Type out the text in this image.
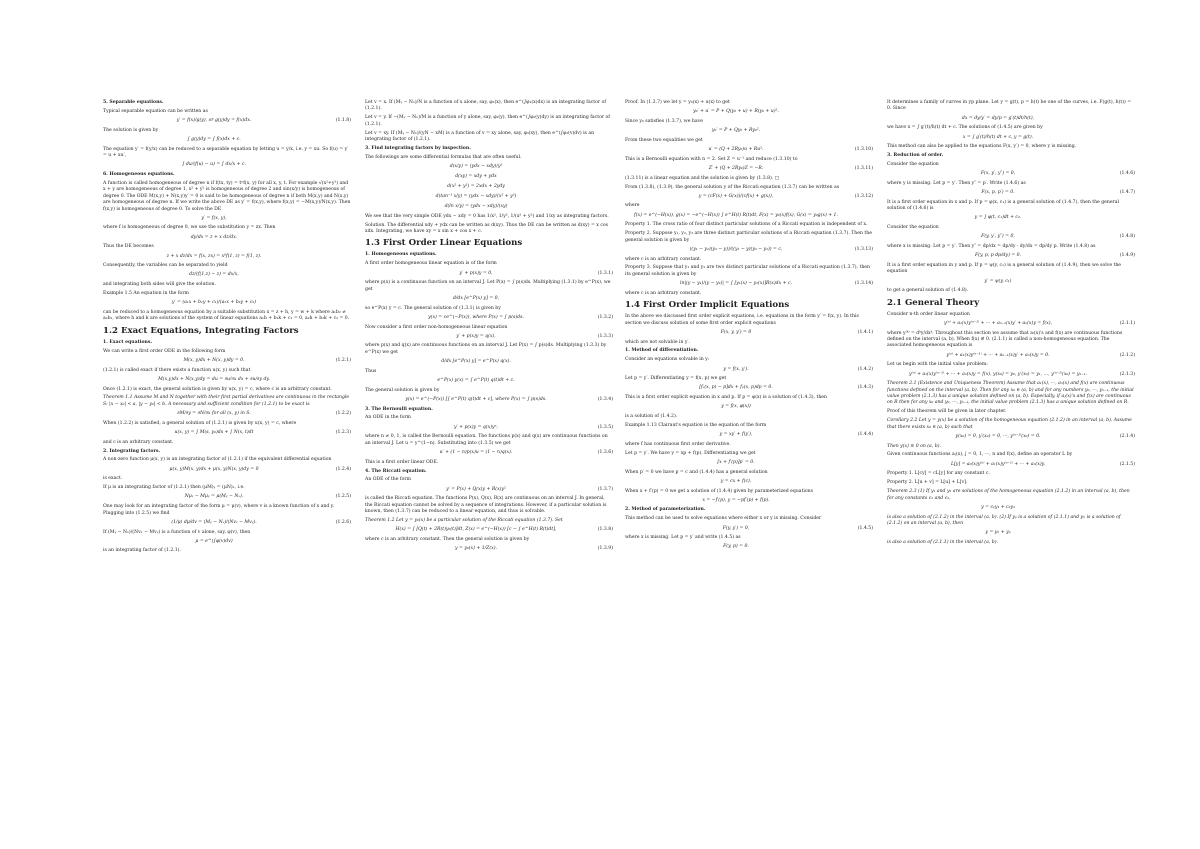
5. Separable equations.
Typical separable equation can be written as
y′ = f(x)/g(y), or g(y)dy = f(x)dx.	(1.1.8)
The solution is given by
∫ g(y)dy = ∫ f(x)dx + c.
The equation y′ = f(y/x) can be reduced to a separable equation by letting u = y/x, i.e. y = xu. So f(u) = y′ = u + xu′,
∫ du/(f(u) − u) = ∫ dx/x + c.
6. Homogeneous equations.
A function is called homogeneous of degree n if f(tx, ty) = tⁿf(x, y) for all x, y, t. For example √(x²+y²) and x + y are homogeneous of degree 1, x² + y² is homogeneous of degree 2 and sin(x/y) is homogeneous of degree 0. The ODE M(x,y) + N(x,y)y′ = 0 is said to be homogeneous of degree n if both M(x,y) and N(x,y) are homogeneous of degree n. If we write the above DE as y′ = f(x,y), where f(x,y) = −M(x,y)/N(x,y). Then f(x,y) is homogeneous of degree 0. To solve the DE
y′ = f(x, y),
where f is homogeneous of degree 0, we use the substitution y = zx. Then
dy/dx = z + x dz/dx.
Thus the DE becomes
z + x dz/dx = f(x, zx) = x⁰f(1, z) = f(1, z).
Consequently, the variables can be separated to yield
dz/(f(1,z) − z) = dx/x,
and integrating both sides will give the solution.
Example 1.5 An equation in the form
y′ = (a₁x + b₁y + c₁)/(a₂x + b₂y + c₂)
can be reduced to a homogeneous equation by a suitable substitution x = z + h, y = w + k where a₁b₂ ≠ a₂b₁, where h and k are solutions of the system of linear equations a₁h + b₁k + c₁ = 0, a₂h + b₂k + c₂ = 0.
1.2 Exact Equations, Integrating Factors
1. Exact equations.
We can write a first order ODE in the following form
M(x, y)dx + N(x, y)dy = 0.	(1.2.1)
(1.2.1) is called exact if there exists a function u(x, y) such that
M(x,y)dx + N(x,y)dy = du = ∂u/∂x dx + ∂u/∂y dy.
Once (1.2.1) is exact, the general solution is given by u(x, y) = c, where c is an arbitrary constant.
Theorem 1.1 Assume M and N together with their first partial derivatives are continuous in the rectangle S: |x − x₀| < a, |y − y₀| < b. A necessary and sufficient condition for (1.2.1) to be exact is
∂M/∂y = ∂N/∂x for all (x, y) in S.	(1.2.2)
When (1.2.2) is satisfied, a general solution of (1.2.1) is given by u(x, y) = c, where
u(x, y) = ∫ M(s, y₀)ds + ∫ N(x, t)dt	(1.2.3)
and c is an arbitrary constant.
2. Integrating factors.
A non-zero function μ(x, y) is an integrating factor of (1.2.1) if the equivalent differential equation
μ(x, y)M(x, y)dx + μ(x, y)N(x, y)dy = 0	(1.2.4)
is exact.
If μ is an integrating factor of (1.2.1) then (μM)ᵧ = (μN)ₓ, i.e.
Nμₓ − Mμᵧ = μ(Mᵧ − Nₓ).	(1.2.5)
One may look for an integrating factor of the form μ = μ(v), where v is a known function of x and y. Plugging into (1.2.5) we find
(1/μ) dμ/dv = (Mᵧ − Nₓ)/(Nvₓ − Mvᵧ).	(1.2.6)
If (Mᵧ − Nₓ)/(Nvₓ − Mvᵧ) is a function of v alone, say, φ(v), then
μ = e^(∫φ(v)dv)
is an integrating factor of (1.2.1).
Let v = x. If (Mᵧ − Nₓ)/N is a function of x alone, say, φ₁(x), then e^(∫φ₁(x)dx) is an integrating factor of (1.2.1).
Let v = y. If −(Mᵧ − Nₓ)/M is a function of y alone, say, φ₂(y), then e^(∫φ₂(y)dy) is an integrating factor of (1.2.1).
Let v = xy. If (Mᵧ − Nₓ)/(yN − xM) is a function of v = xy alone, say, φ₃(xy), then e^(∫φ₃(v)dv) is an integrating factor of (1.2.1).
3. Find integrating factors by inspection.
The followings are some differential formulas that are often useful.
d(x/y) = (ydx − xdy)/y²
d(xy) = xdy + ydx
d(x² + y²) = 2xdx + 2ydy
d(tan⁻¹ x/y) = (ydx − xdy)/(x² + y²)
d(ln x/y) = (ydx − xdy)/(xy)
We see that the very simple ODE ydx − xdy = 0 has 1/x², 1/y², 1/(x² + y²) and 1/xy as integrating factors.
Solution. The differential xdy + ydx can be written as d(xy). Thus the DE can be written as d(xy) = x cos xdx. Integrating, we have xy = x sin x + cos x + c.
1.3 First Order Linear Equations
1. Homogeneous equations.
A first order homogeneous linear equation is of the form
y′ + p(x)y = 0,	(1.3.1)
where p(x) is a continuous function on an interval J. Let P(x) = ∫ p(s)ds. Multiplying (1.3.1) by e^P(x), we get
d/dx [e^P(x) y] = 0,
so e^P(x) y = c. The general solution of (1.3.1) is given by
y(x) = ce^(−P(x)), where P(x) = ∫ p(s)ds.	(1.3.2)
Now consider a first order non-homogeneous linear equation
y′ + p(x)y = q(x),	(1.3.3)
where p(x) and q(x) are continuous functions on an interval J. Let P(x) = ∫ p(s)ds. Multiplying (1.3.3) by e^P(x) we get
d/dx [e^P(x) y] = e^P(x) q(x).
Thus
e^P(x) y(x) = ∫ e^P(t) q(t)dt + c.
The general solution is given by
y(x) = e^(−P(x)) [∫ e^P(t) q(t)dt + c], where P(x) = ∫ p(s)ds.	(1.3.4)
3. The Bernoulli equation.
An ODE in the form
y′ + p(x)y = q(x)yⁿ,	(1.3.5)
where n ≠ 0, 1, is called the Bernoulli equation. The functions p(x) and q(x) are continuous functions on an interval J. Let u = y^(1−n). Substituting into (1.3.5) we get
u′ + (1 − n)p(x)u = (1 − n)q(x).	(1.3.6)
This is a first order linear ODE.
4. The Riccati equation.
An ODE of the form
y′ = P(x) + Q(x)y + R(x)y²	(1.3.7)
is called the Riccati equation. The functions P(x), Q(x), R(x) are continuous on an interval J. In general, the Riccati equation cannot be solved by a sequence of integrations. However, if a particular solution is known, then (1.3.7) can be reduced to a linear equation, and thus is solvable.
Theorem 1.2 Let y = y₀(x) be a particular solution of the Riccati equation (1.3.7). Set
H(x) = ∫ [Q(t) + 2R(t)y₀(t)]dt, Z(x) = e^(−H(x)) [c − ∫ e^H(t) R(t)dt],	(1.3.8)
where c is an arbitrary constant. Then the general solution is given by
y = y₀(x) + 1/Z(x).	(1.3.9)
Proof. In (1.3.7) we let y = y₀(x) + u(x) to get
y₀′ + u′ = P + Q(y₀ + u) + R(y₀ + u)².
Since y₀ satisfies (1.3.7), we have
y₀′ = P + Qy₀ + Ry₀².
From these two equalities we get
u′ = (Q + 2Ry₀)u + Ru².	(1.3.10)
This is a Bernoulli equation with n = 2. Set Z = u⁻¹ and reduce (1.3.10) to
Z′ + (Q + 2Ry₀)Z = −R.	(1.3.11)
(1.3.11) is a linear equation and the solution is given by (1.3.8). □
From (1.3.8), (1.3.9), the general solution y of the Riccati equation (1.3.7) can be written as
y = (cF(x) + G(x))/(cf(x) + g(x)),	(1.3.12)
where
f(x) = e^(−H(x)), g(x) = −e^(−H(x)) ∫ e^H(t) R(t)dt, F(x) = y₀(x)f(x), G(x) = y₀g(x) + 1.
Property 1. The cross ratio of four distinct particular solutions of a Riccati equation is independent of x.
Property 2. Suppose y₁, y₂, y₃ are three distinct particular solutions of a Riccati equation (1.3.7). Then the general solution is given by
((y₁ − y₂)(y₃ − y))/((y₁ − y)(y₃ − y₂)) = c,	(1.3.13)
where c is an arbitrary constant.
Property 3. Suppose that y₁ and y₂ are two distinct particular solutions of a Riccati equation (1.3.7), then its general solution is given by
ln|(y − y₁)/(y − y₂)| = ∫ [y₁(x) − y₂(x)]R(x)dx + c,	(1.3.14)
where c is an arbitrary constant.
1.4 First Order Implicit Equations
In the above we discussed first order explicit equations, i.e. equations in the form y′ = f(x, y). In this section we discuss solution of some first order explicit equations
F(x, y, y′) = 0	(1.4.1)
which are not solvable in y′.
1. Method of differentiation.
Consider an equations solvable in y:
y = f(x, y′).	(1.4.2)
Let p = y′. Differentiating y = f(x, p) we get
[fₓ(x, p) − p]dx + fₚ(x, p)dp = 0.	(1.4.3)
This is a first order explicit equation in x and p. If p = φ(x) is a solution of (1.4.3), then
y = f(x, φ(x))
is a solution of (1.4.2).
Example 1.13 Clairaut's equation is the equation of the form
y = xy′ + f(y′),	(1.4.4)
where f has continuous first order derivative.
Let p = y′. We have y = xp + f(p). Differentiating we get
[x + f′(p)]p′ = 0.
When p′ = 0 we have p = c and (1.4.4) has a general solution
y = cx + f(c).
When x + f′(p) = 0 we get a solution of (1.4.4) given by parameterized equations
x = −f′(p), y = −pf′(p) + f(p).
2. Method of parameterization.
This method can be used to solve equations where either x or y is missing. Consider
F(y, y′) = 0,	(1.4.5)
where x is missing. Let p = y′ and write (1.4.5) as
F(y, p) = 0.
It determines a family of curves in yp plane. Let y = g(t), p = h(t) be one of the curves, i.e. F(g(t), h(t)) = 0. Since
dx = dy/y′ = dy/p = g′(t)dt/h(t),
we have x = ∫ g′(t)/h(t) dt + c. The solutions of (1.4.5) are given by
x = ∫ g′(t)/h(t) dt + c, y = g(t).
This method can also be applied to the equations F(x, y′) = 0, where y is missing.
3. Reduction of order.
Consider the equation
F(x, y′, y″) = 0,	(1.4.6)
where y is missing. Let p = y′. Then y″ = p′. Write (1.4.6) as
F(x, p, p′) = 0.	(1.4.7)
It is a first order equation in x and p. If p = φ(x, c₁) is a general solution of (1.4.7), then the general solution of (1.4.6) is
y = ∫ φ(t, c₁)dt + c₂.
Consider the equation
F(y, y′, y″) = 0,	(1.4.8)
where x is missing. Let p = y′. Then y″ = dp/dx = dp/dy · dy/dx = dp/dy p. Write (1.4.8) as
F(y, p, p dp/dy) = 0.	(1.4.9)
It is a first order equation in y and p. If p = ψ(y, c₁) is a general solution of (1.4.9), then we solve the equation
y′ = ψ(y, c₁)
to get a general solution of (1.4.8).
2.1 General Theory
Consider n-th order linear equation
y⁽ⁿ⁾ + a₁(x)y⁽ⁿ⁻¹⁾ + ··· + aₙ₋₁(x)y′ + aₙ(x)y = f(x),	(2.1.1)
where y⁽ᵏ⁾ = dᵏy/dxᵏ. Throughout this section we assume that aᵢ(x)'s and f(x) are continuous functions defined on the interval (a, b). When f(x) ≢ 0, (2.1.1) is called a non-homogeneous equation. The associated homogeneous equation is
y⁽ⁿ⁾ + a₁(x)y⁽ⁿ⁻¹⁾ + ··· + aₙ₋₁(x)y′ + aₙ(x)y = 0.	(2.1.2)
Let us begin with the initial value problem:
y⁽ⁿ⁾ + a₁(x)y⁽ⁿ⁻¹⁾ + ··· + aₙ(x)y = f(x), y(x₀) = y₀, y′(x₀) = y₁, …, y⁽ⁿ⁻¹⁾(x₀) = yₙ₋₁.	(2.1.3)
Theorem 2.1 (Existence and Uniqueness Theorem) Assume that a₁(x), ···, aₙ(x) and f(x) are continuous functions defined on the interval (a, b). Then for any x₀ ∈ (a, b) and for any numbers y₀, ···, yₙ₋₁, the initial value problem (2.1.3) has a unique solution defined on (a, b). Especially, if aⱼ(x)'s and f(x) are continuous on R then for any x₀ and y₀, ···, yₙ₋₁, the initial value problem (2.1.3) has a unique solution defined on R.
Proof of this theorem will be given in later chapter.
Corollary 2.2 Let y = y(x) be a solution of the homogeneous equation (2.1.2) in an interval (a, b). Assume that there exists x₀ ∈ (a, b) such that
y(x₀) = 0, y′(x₀) = 0, ···, y⁽ⁿ⁻¹⁾(x₀) = 0.	(2.1.4)
Then y(x) ≡ 0 on (a, b).
Given continuous functions aⱼ(x), j = 0, 1, ···, n and f(x), define an operator L by
L[y] = a₀(x)y⁽ⁿ⁾ + a₁(x)y⁽ⁿ⁻¹⁾ + ··· + aₙ(x)y.	(2.1.5)
Property 1. L[cy] = cL[y] for any constant c.
Property 2. L[u + v] = L[u] + L[v].
Theorem 2.3 (1) If y₁ and y₂ are solutions of the homogeneous equation (2.1.2) in an interval (a, b), then for any constants c₁ and c₂,
y = c₁y₁ + c₂y₂
is also a solution of (2.1.2) in the interval (a, b). (2) If yₚ is a solution of (2.1.1) and yₕ is a solution of (2.1.2) on an interval (a, b), then
y = yₕ + yₚ
is also a solution of (2.1.1) in the interval (a, b).
